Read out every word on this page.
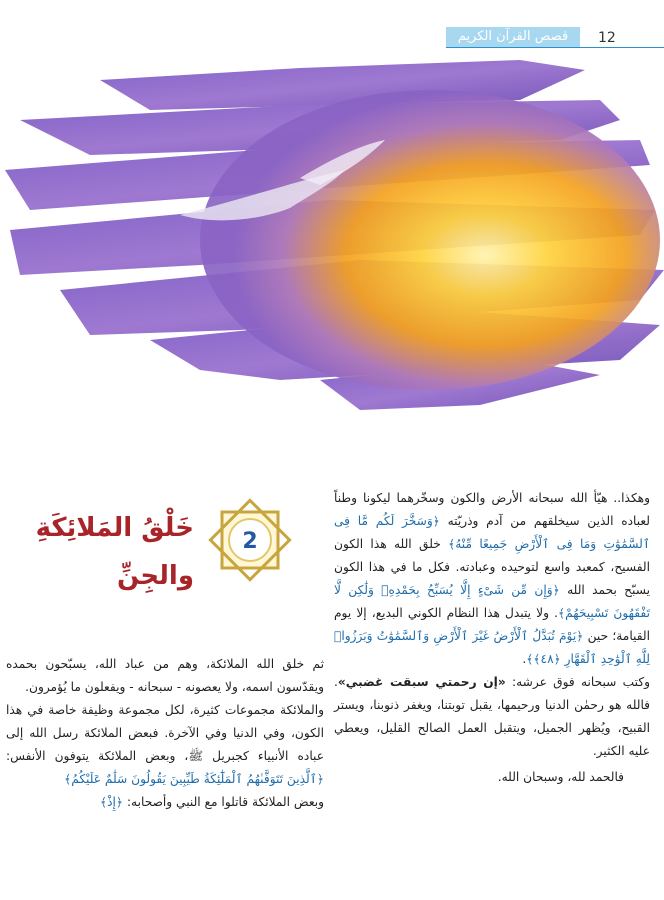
12
قصص القرآن الكريم

وهكذا.. هيّأ الله سبحانه الأرض والكون وسخّرهما ليكونا وطناً لعباده الذين سيخلقهم من آدم وذريّته ﴿وَسَخَّرَ لَكُم مَّا فِى ٱلسَّمَٰوَٰتِ وَمَا فِى ٱلْأَرْضِ جَمِيعًا مِّنْهُ﴾ خلق الله هذا الكون الفسيح، كمعبد واسع لتوحيده وعبادته. فكل ما في هذا الكون يسبّح بحمد الله ﴿وَإِن مِّن شَىْءٍ إِلَّا يُسَبِّحُ بِحَمْدِهِۦ وَلَٰكِن لَّا تَفْقَهُونَ تَسْبِيحَهُمْ﴾. ولا يتبدل هذا النظام الكوني البديع، إلا يوم القيامة؛ حين ﴿يَوْمَ تُبَدَّلُ ٱلْأَرْضُ غَيْرَ ٱلْأَرْضِ وَٱلسَّمَٰوَٰتُ وَبَرَزُوا۟ لِلَّهِ ٱلْوَٰحِدِ ٱلْقَهَّارِ ﴿٤٨﴾﴾.

وكتب سبحانه فوق عرشه: «إن رحمتي سبقت غضبي». فالله هو رحمٰن الدنيا ورحيمها، يقبل توبتنا، ويغفر ذنوبنا، ويستر القبيح، ويُظهر الجميل، ويتقبل العمل الصالح القليل، ويعطي عليه الكثير.

فالحمد لله، وسبحان الله.

2
خَلْقُ المَلائِكَةِ
والجِنِّ

ثم خلق الله الملائكة، وهم من عباد الله، يسبّحون بحمده ويقدّسون اسمه، ولا يعصونه - سبحانه - ويفعلون ما يُؤمرون.

والملائكة مجموعات كثيرة، لكل مجموعة وظيفة خاصة في هذا الكون، وفي الدنيا وفي الآخرة. فبعض الملائكة رسل الله إلى عباده الأنبياء كجبريل ﷺ، وبعض الملائكة يتوفون الأنفس: ﴿ٱلَّذِينَ تَتَوَفَّىٰهُمُ ٱلْمَلَٰٓئِكَةُ طَيِّبِينَ يَقُولُونَ سَلَٰمٌ عَلَيْكُمُ﴾

وبعض الملائكة قاتلوا مع النبي وأصحابه: ﴿إِذْ﴾
